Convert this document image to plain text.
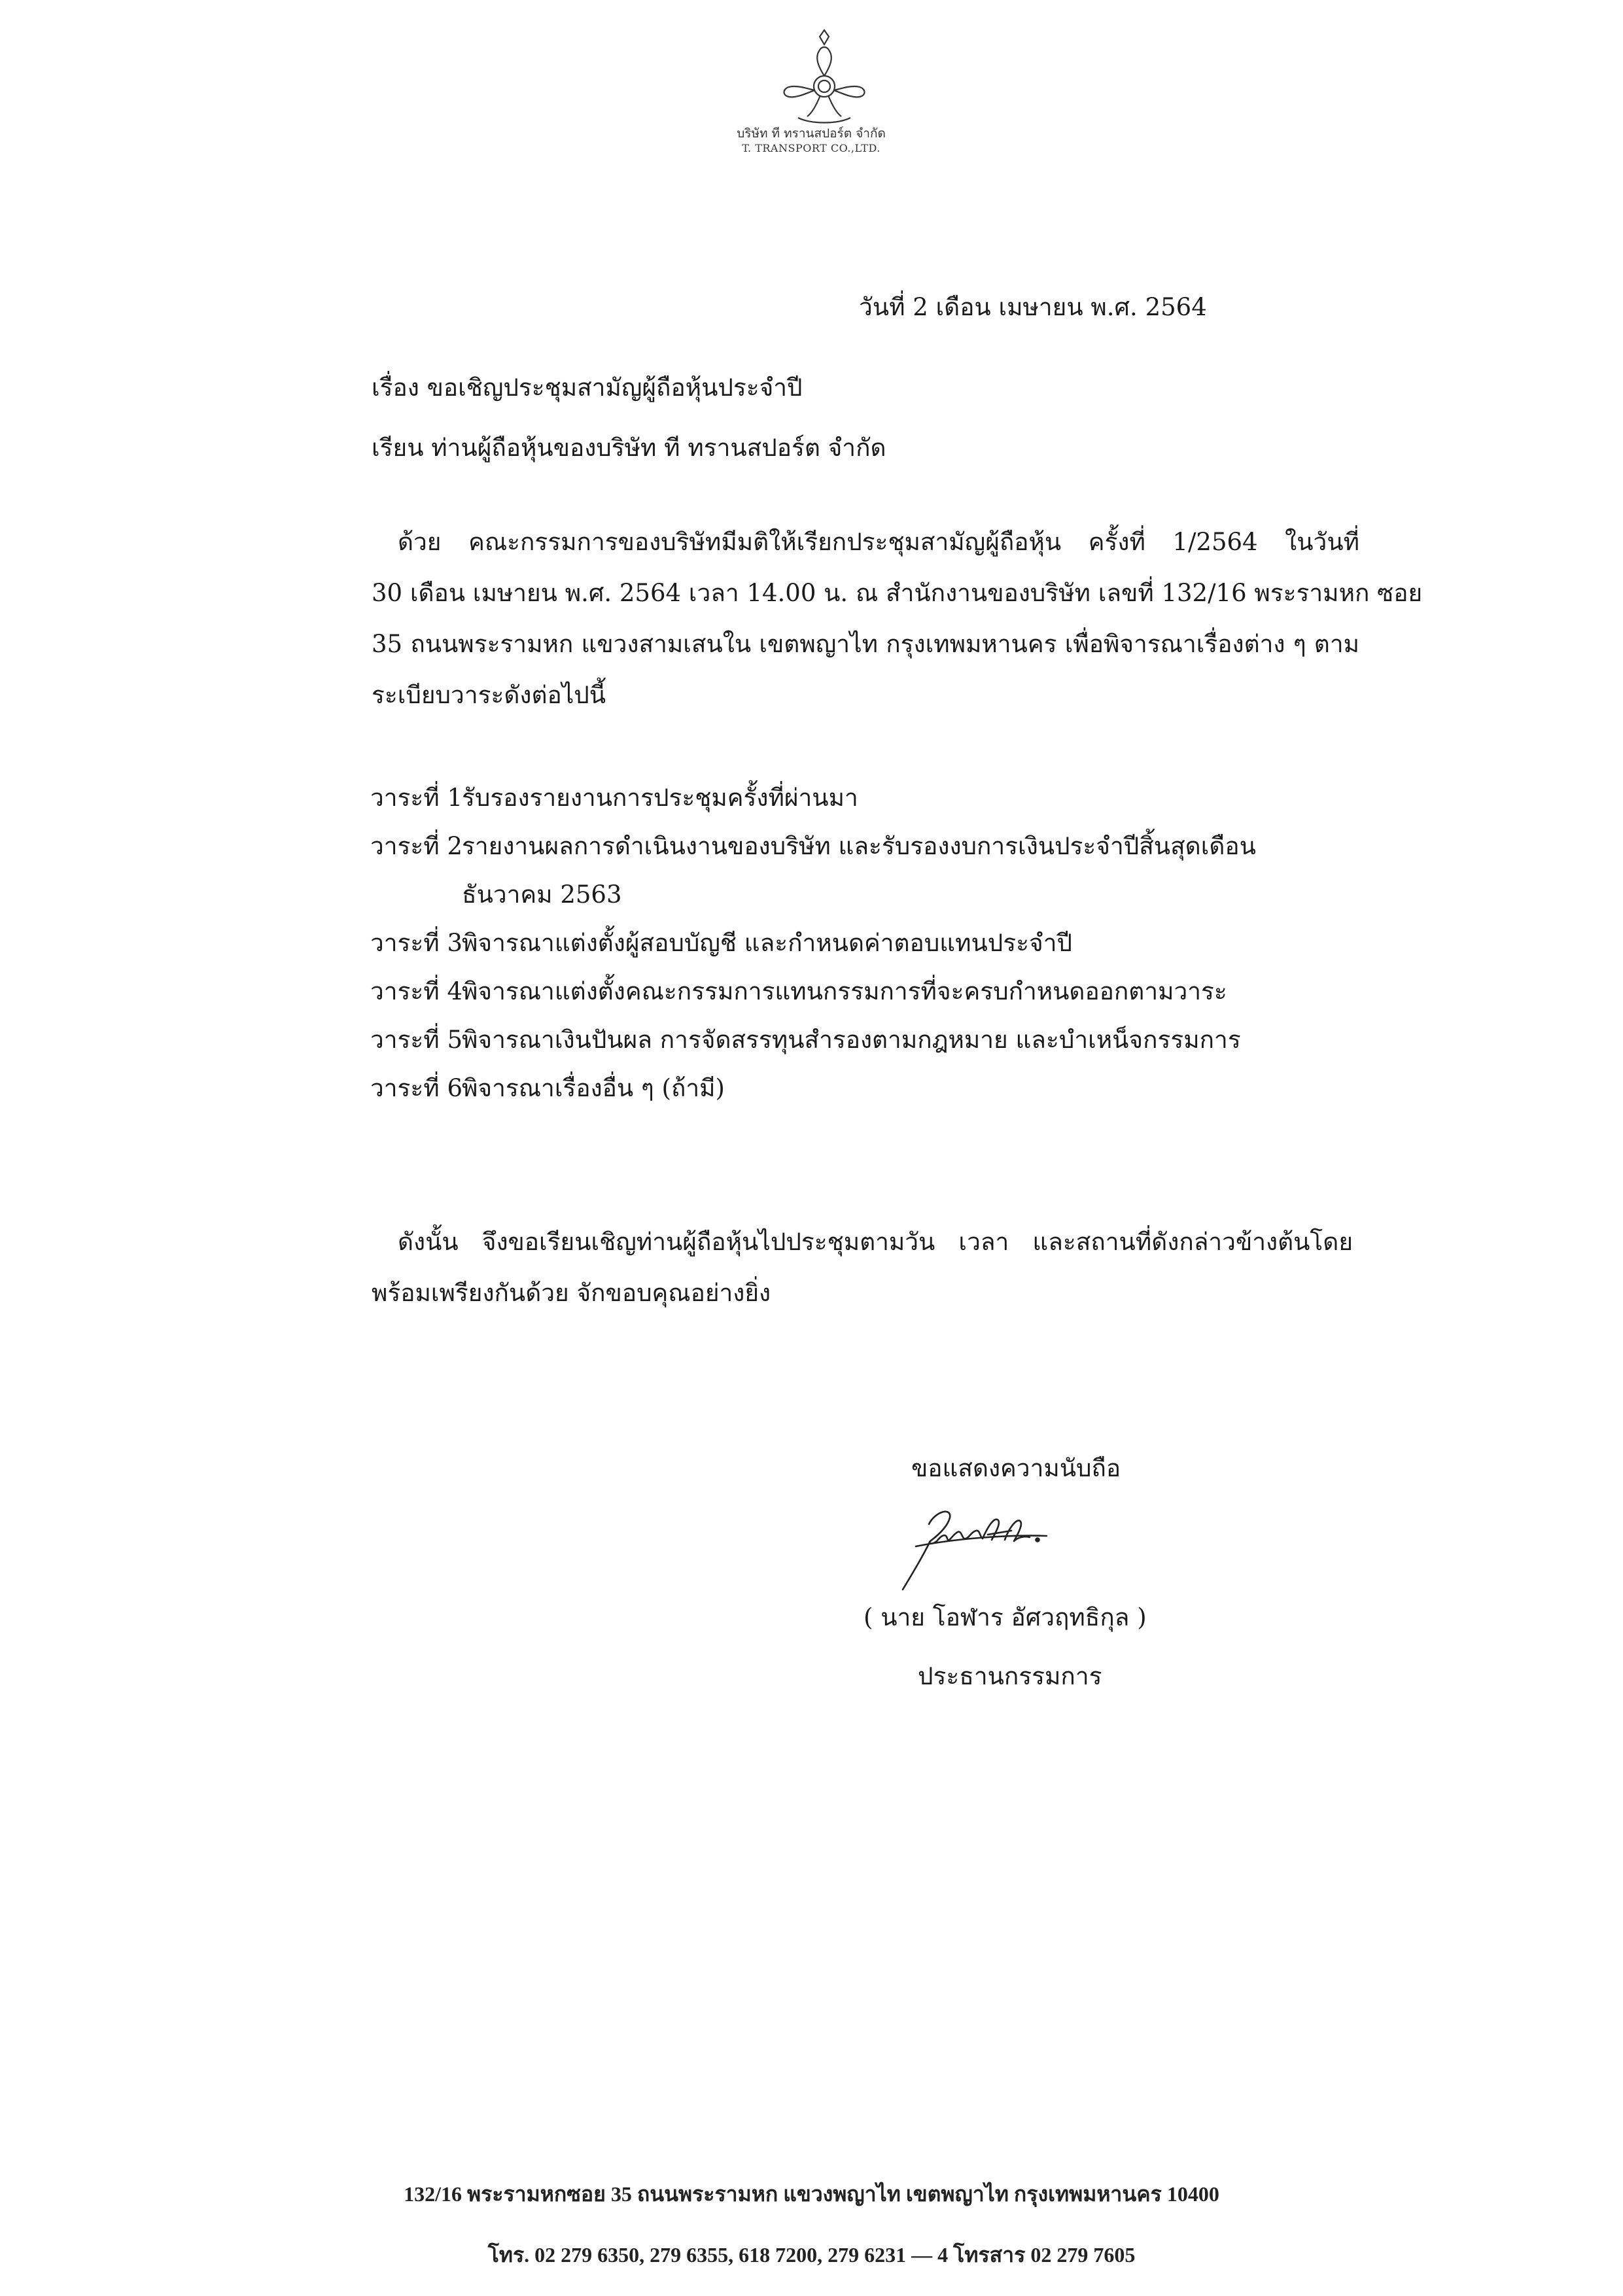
บริษัท ที ทรานสปอร์ต จำกัด
T. TRANSPORT CO.,LTD.
วันที่ 2 เดือน เมษายน พ.ศ. 2564
เรื่อง ขอเชิญประชุมสามัญผู้ถือหุ้นประจำปี
เรียน ท่านผู้ถือหุ้นของบริษัท ที ทรานสปอร์ต จำกัด
ด้วย คณะกรรมการของบริษัทมีมติให้เรียกประชุมสามัญผู้ถือหุ้น ครั้งที่ 1/2564 ในวันที่
30 เดือน เมษายน พ.ศ. 2564 เวลา 14.00 น. ณ สำนักงานของบริษัท เลขที่ 132/16 พระรามหก ซอย
35 ถนนพระรามหก แขวงสามเสนใน เขตพญาไท กรุงเทพมหานคร เพื่อพิจารณาเรื่องต่าง ๆ ตาม
ระเบียบวาระดังต่อไปนี้
วาระที่ 1 รับรองรายงานการประชุมครั้งที่ผ่านมา
วาระที่ 2 รายงานผลการดำเนินงานของบริษัท และรับรองงบการเงินประจำปีสิ้นสุดเดือน
ธันวาคม 2563
วาระที่ 3 พิจารณาแต่งตั้งผู้สอบบัญชี และกำหนดค่าตอบแทนประจำปี
วาระที่ 4 พิจารณาแต่งตั้งคณะกรรมการแทนกรรมการที่จะครบกำหนดออกตามวาระ
วาระที่ 5 พิจารณาเงินปันผล การจัดสรรทุนสำรองตามกฎหมาย และบำเหน็จกรรมการ
วาระที่ 6 พิจารณาเรื่องอื่น ๆ (ถ้ามี)
ดังนั้น จึงขอเรียนเชิญท่านผู้ถือหุ้นไปประชุมตามวัน เวลา และสถานที่ดังกล่าวข้างต้นโดย
พร้อมเพรียงกันด้วย จักขอบคุณอย่างยิ่ง
ขอแสดงความนับถือ
( นาย โอฬาร อัศวฤทธิกุล )
ประธานกรรมการ
132/16 พระรามหกซอย 35 ถนนพระรามหก แขวงพญาไท เขตพญาไท กรุงเทพมหานคร 10400
โทร. 02 279 6350, 279 6355, 618 7200, 279 6231 — 4 โทรสาร 02 279 7605
